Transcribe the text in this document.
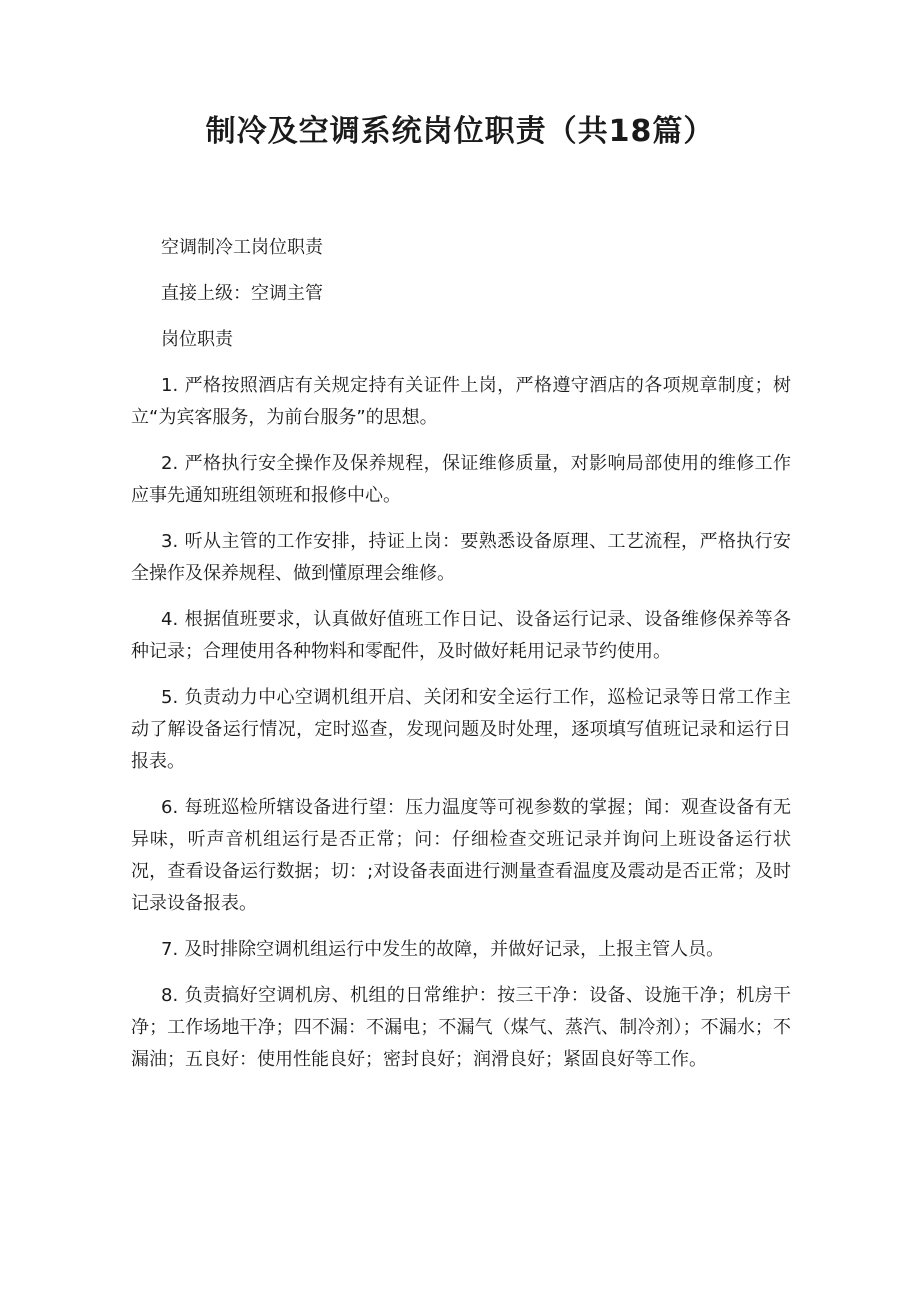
制冷及空调系统岗位职责（共18篇）

空调制冷工岗位职责

直接上级：空调主管

岗位职责

1. 严格按照酒店有关规定持有关证件上岗，严格遵守酒店的各项规章制度；树立“为宾客服务，为前台服务”的思想。

2. 严格执行安全操作及保养规程，保证维修质量，对影响局部使用的维修工作应事先通知班组领班和报修中心。

3. 听从主管的工作安排，持证上岗：要熟悉设备原理、工艺流程，严格执行安全操作及保养规程、做到懂原理会维修。

4. 根据值班要求，认真做好值班工作日记、设备运行记录、设备维修保养等各种记录；合理使用各种物料和零配件，及时做好耗用记录节约使用。

5. 负责动力中心空调机组开启、关闭和安全运行工作，巡检记录等日常工作主动了解设备运行情况，定时巡查，发现问题及时处理，逐项填写值班记录和运行日报表。

6. 每班巡检所辖设备进行望：压力温度等可视参数的掌握；闻：观查设备有无异味，听声音机组运行是否正常；问：仔细检查交班记录并询问上班设备运行状况，查看设备运行数据；切：;对设备表面进行测量查看温度及震动是否正常；及时记录设备报表。

7. 及时排除空调机组运行中发生的故障，并做好记录，上报主管人员。

8. 负责搞好空调机房、机组的日常维护：按三干净：设备、设施干净；机房干净；工作场地干净；四不漏：不漏电；不漏气（煤气、蒸汽、制冷剂）；不漏水；不漏油；五良好：使用性能良好；密封良好；润滑良好；紧固良好等工作。
